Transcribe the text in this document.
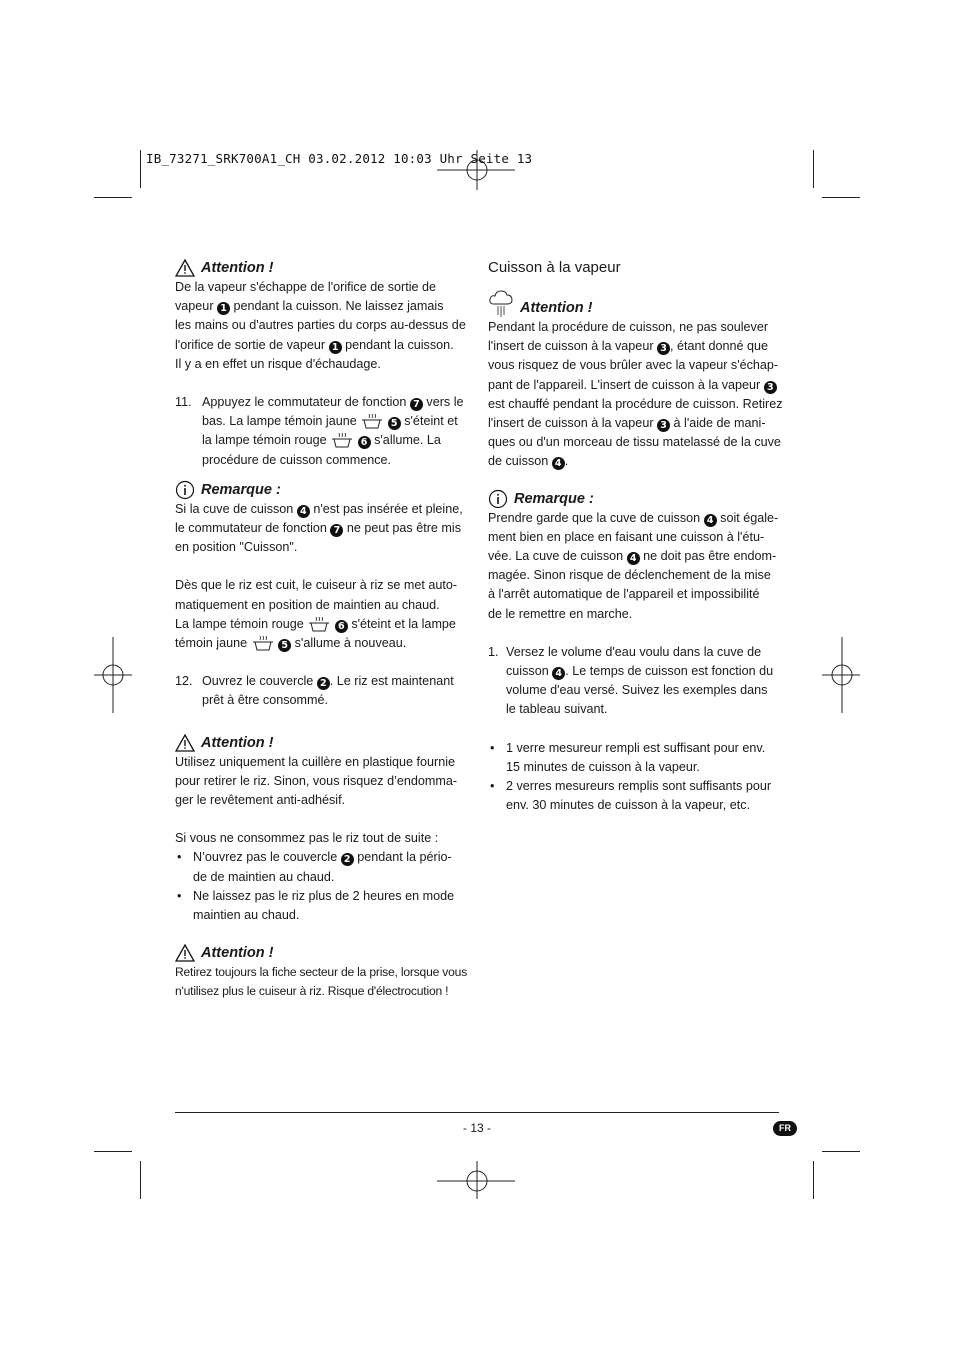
IB_73271_SRK700A1_CH 03.02.2012 10:03 Uhr Seite 13
Attention !

De la vapeur s'échappe de l'orifice de sortie de

vapeur 1 pendant la cuisson. Ne laissez jamais

les mains ou d'autres parties du corps au-dessus de

l'orifice de sortie de vapeur 1 pendant la cuisson.

Il y a en effet un risque d'échaudage.

11. Appuyez le commutateur de fonction 7 vers le

bas. La lampe témoin jaune	5 s'éteint et

la lampe témoin rouge	6 s'allume. La

procédure de cuisson commence.

Remarque :

Si la cuve de cuisson 4 n'est pas insérée et pleine,

le commutateur de fonction 7 ne peut pas être mis

en position "Cuisson".

Dès que le riz est cuit, le cuiseur à riz se met auto-

matiquement en position de maintien au chaud.

La lampe témoin rouge	6 s'éteint et la lampe

témoin jaune	5 s'allume à nouveau.

12. Ouvrez le couvercle 2 . Le riz est maintenant

prêt à être consommé.

Attention !

Utilisez uniquement la cuillère en plastique fournie

pour retirer le riz. Sinon, vous risquez d’endomma-

ger le revêtement anti-adhésif.

Si vous ne consommez pas le riz tout de suite :

• N’ouvrez pas le couvercle 2 pendant la pério-

de de maintien au chaud.

• Ne laissez pas le riz plus de 2 heures en mode

maintien au chaud.

Attention !

Retirez toujours la fiche secteur de la prise, lorsque vous

n'utilisez plus le cuiseur à riz. Risque d'électrocution !

Cuisson à la vapeur
Attention !

Pendant la procédure de cuisson, ne pas soulever

l'insert de cuisson à la vapeur 3 , étant donné que

vous risquez de vous brûler avec la vapeur s'échap-

pant de l'appareil. L'insert de cuisson à la vapeur 3

est chauffé pendant la procédure de cuisson. Retirez

l'insert de cuisson à la vapeur 3 à l'aide de mani-

ques ou d'un morceau de tissu matelassé de la cuve

de cuisson 4 .

Remarque :

Prendre garde que la cuve de cuisson 4 soit égale-

ment bien en place en faisant une cuisson à l'étu-

vée. La cuve de cuisson 4 ne doit pas être endom-

magée. Sinon risque de déclenchement de la mise

à l'arrêt automatique de l'appareil et impossibilité

de le remettre en marche.

1. Versez le volume d'eau voulu dans la cuve de

cuisson 4 . Le temps de cuisson est fonction du

volume d'eau versé. Suivez les exemples dans

le tableau suivant.

• 1 verre mesureur rempli est suffisant pour env.

15 minutes de cuisson à la vapeur.

• 2 verres mesureurs remplis sont suffisants pour

env. 30 minutes de cuisson à la vapeur, etc.

- 13 -	FR
